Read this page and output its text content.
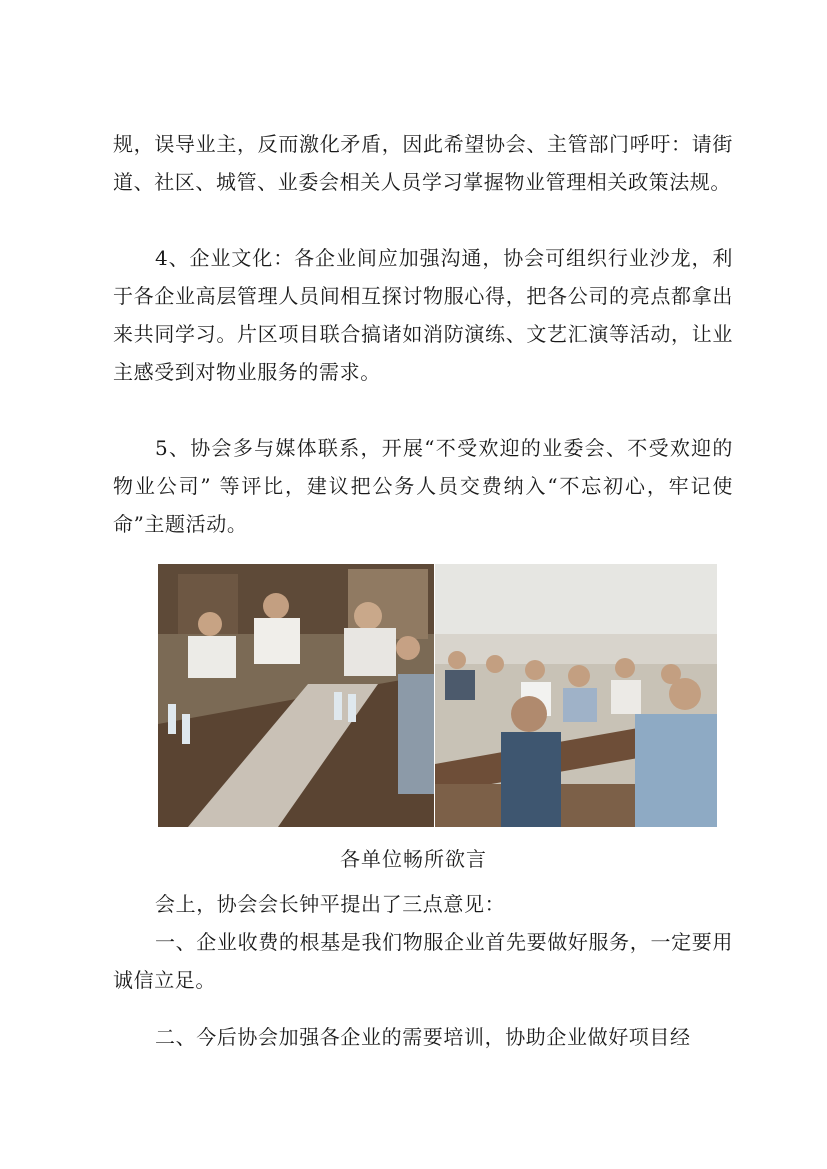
规，误导业主，反而激化矛盾，因此希望协会、主管部门呼吁：请街道、社区、城管、业委会相关人员学习掌握物业管理相关政策法规。

4、企业文化：各企业间应加强沟通，协会可组织行业沙龙，利于各企业高层管理人员间相互探讨物服心得，把各公司的亮点都拿出来共同学习。片区项目联合搞诸如消防演练、文艺汇演等活动，让业主感受到对物业服务的需求。

5、协会多与媒体联系，开展“不受欢迎的业委会、不受欢迎的物业公司” 等评比，建议把公务人员交费纳入“不忘初心，牢记使命”主题活动。

各单位畅所欲言

会上，协会会长钟平提出了三点意见：

一、企业收费的根基是我们物服企业首先要做好服务，一定要用诚信立足。

二、今后协会加强各企业的需要培训，协助企业做好项目经
